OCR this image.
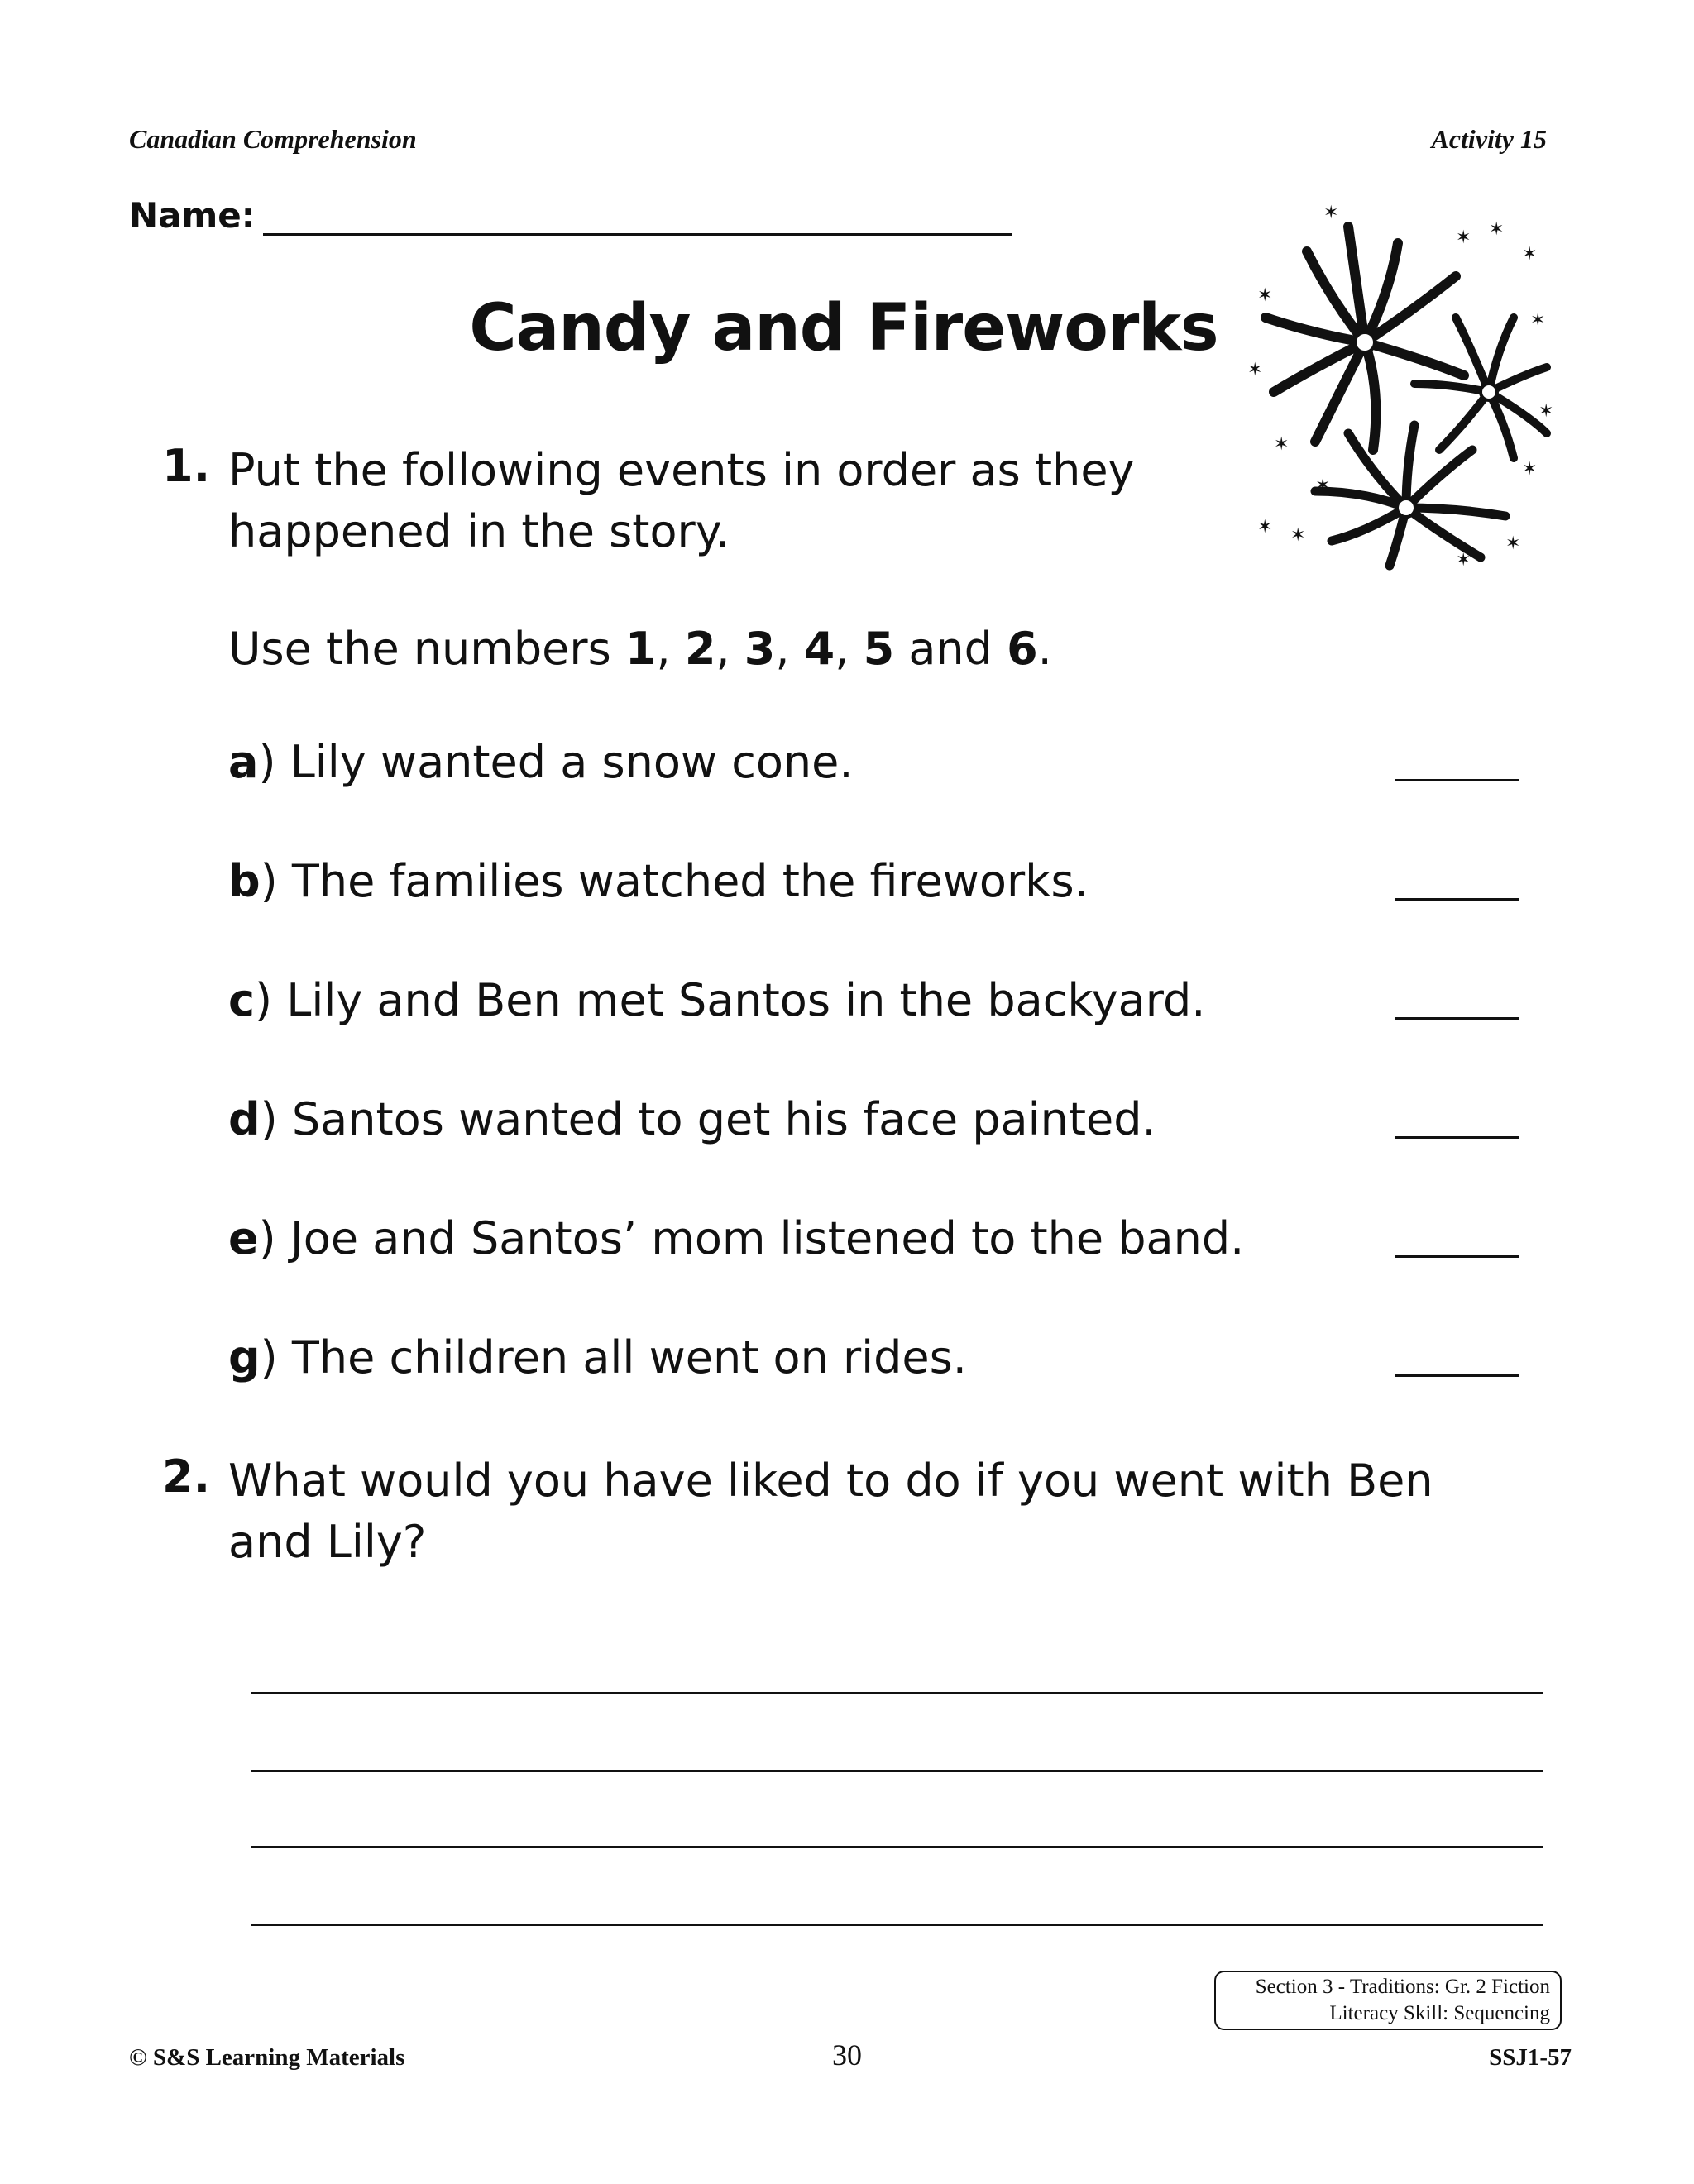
Canadian Comprehension	Activity 15
Name:
✶
✶
✶
✶ ✶
✶
✶
✶
✶
✶ ✶
✶
✶
✶
✶
Candy and Fireworks
1. Put the following events in order as they
happened in the story.
Use the numbers 1, 2, 3, 4, 5 and 6.
a) Lily wanted a snow cone.
b) The families watched the fireworks.
c) Lily and Ben met Santos in the backyard.
d) Santos wanted to get his face painted.
e) Joe and Santos’ mom listened to the band.
g) The children all went on rides.
2. What would you have liked to do if you went with Ben
and Lily?
Section 3 - Traditions: Gr. 2 Fiction
Literacy Skill: Sequencing
© S&S Learning Materials	30	SSJ1-57
